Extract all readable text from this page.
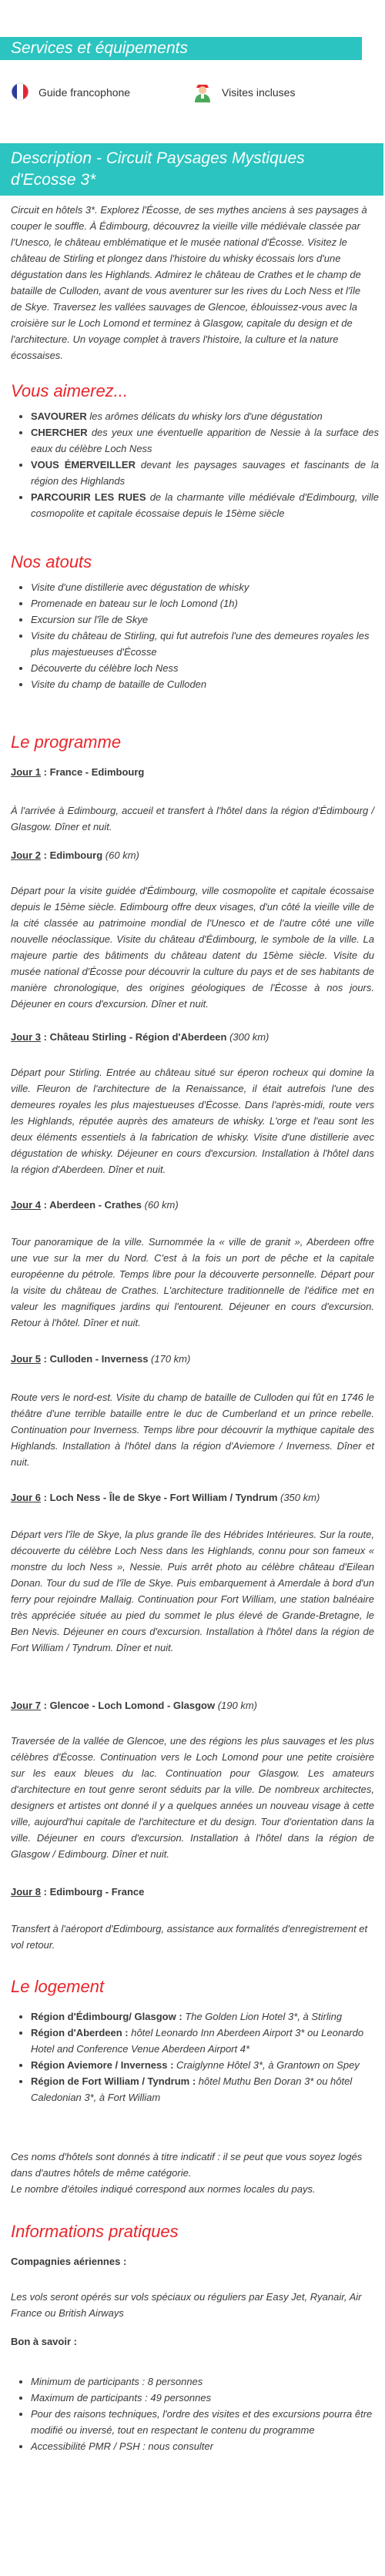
Services et équipements
Guide francophone	Visites incluses
Description - Circuit Paysages Mystiques d'Ecosse 3*

Circuit en hôtels 3*. Explorez l'Écosse, de ses mythes anciens à ses paysages à couper le souffle. À Édimbourg, découvrez la vieille ville médiévale classée par l'Unesco, le château emblématique et le musée national d'Écosse. Visitez le château de Stirling et plongez dans l'histoire du whisky écossais lors d'une dégustation dans les Highlands. Admirez le château de Crathes et le champ de bataille de Culloden, avant de vous aventurer sur les rives du Loch Ness et l'île de Skye. Traversez les vallées sauvages de Glencoe, éblouissez-vous avec la croisière sur le Loch Lomond et terminez à Glasgow, capitale du design et de l'architecture. Un voyage complet à travers l'histoire, la culture et la nature écossaises.

Vous aimerez...
• SAVOURER les arômes délicats du whisky lors d'une dégustation
• CHERCHER des yeux une éventuelle apparition de Nessie à la surface des eaux du célèbre Loch Ness
• VOUS ÉMERVEILLER devant les paysages sauvages et fascinants de la région des Highlands
• PARCOURIR LES RUES de la charmante ville médiévale d'Edimbourg, ville cosmopolite et capitale écossaise depuis le 15ème siècle
Nos atouts
• Visite d'une distillerie avec dégustation de whisky
• Promenade en bateau sur le loch Lomond (1h)
• Excursion sur l'île de Skye
• Visite du château de Stirling, qui fut autrefois l'une des demeures royales les plus majestueuses d'Écosse
• Découverte du célèbre loch Ness
• Visite du champ de bataille de Culloden
Le programme
Jour 1 : France - Edimbourg

À l'arrivée à Edimbourg, accueil et transfert à l'hôtel dans la région d'Édimbourg / Glasgow. Dîner et nuit.

Jour 2 : Edimbourg (60 km)

Départ pour la visite guidée d'Édimbourg, ville cosmopolite et capitale écossaise depuis le 15ème siècle. Edimbourg offre deux visages, d'un côté la vieille ville de la cité classée au patrimoine mondial de l'Unesco et de l'autre côté une ville nouvelle néoclassique. Visite du château d'Édimbourg, le symbole de la ville. La majeure partie des bâtiments du château datent du 15ème siècle. Visite du musée national d'Écosse pour découvrir la culture du pays et de ses habitants de manière chronologique, des origines géologiques de l'Écosse à nos jours. Déjeuner en cours d'excursion. Dîner et nuit.

Jour 3 : Château Stirling - Région d'Aberdeen (300 km)

Départ pour Stirling. Entrée au château situé sur éperon rocheux qui domine la ville. Fleuron de l'architecture de la Renaissance, il était autrefois l'une des demeures royales les plus majestueuses d'Écosse. Dans l'après-midi, route vers les Highlands, réputée auprès des amateurs de whisky. L'orge et l'eau sont les deux éléments essentiels à la fabrication de whisky. Visite d'une distillerie avec dégustation de whisky. Déjeuner en cours d'excursion. Installation à l'hôtel dans la région d'Aberdeen. Dîner et nuit.

Jour 4 : Aberdeen - Crathes (60 km)

Tour panoramique de la ville. Surnommée la « ville de granit », Aberdeen offre une vue sur la mer du Nord. C'est à la fois un port de pêche et la capitale européenne du pétrole. Temps libre pour la découverte personnelle. Départ pour la visite du château de Crathes. L'architecture traditionnelle de l'édifice met en valeur les magnifiques jardins qui l'entourent. Déjeuner en cours d'excursion. Retour à l'hôtel. Dîner et nuit.

Jour 5 : Culloden - Inverness (170 km)

Route vers le nord-est. Visite du champ de bataille de Culloden qui fût en 1746 le théâtre d'une terrible bataille entre le duc de Cumberland et un prince rebelle. Continuation pour Inverness. Temps libre pour découvrir la mythique capitale des Highlands. Installation à l'hôtel dans la région d'Aviemore / Inverness. Dîner et nuit.

Jour 6 : Loch Ness - Île de Skye - Fort William / Tyndrum (350 km)

Départ vers l'île de Skye, la plus grande île des Hébrides Intérieures. Sur la route, découverte du célèbre Loch Ness dans les Highlands, connu pour son fameux « monstre du loch Ness », Nessie. Puis arrêt photo au célèbre château d'Eilean Donan. Tour du sud de l'île de Skye. Puis embarquement à Amerdale à bord d'un ferry pour rejoindre Mallaig. Continuation pour Fort William, une station balnéaire très appréciée située au pied du sommet le plus élevé de Grande-Bretagne, le Ben Nevis. Déjeuner en cours d'excursion. Installation à l'hôtel dans la région de Fort William / Tyndrum. Dîner et nuit.

Jour 7 : Glencoe - Loch Lomond - Glasgow (190 km)

Traversée de la vallée de Glencoe, une des régions les plus sauvages et les plus célèbres d'Écosse. Continuation vers le Loch Lomond pour une petite croisière sur les eaux bleues du lac. Continuation pour Glasgow. Les amateurs d'architecture en tout genre seront séduits par la ville. De nombreux architectes, designers et artistes ont donné il y a quelques années un nouveau visage à cette ville, aujourd'hui capitale de l'architecture et du design. Tour d'orientation dans la ville. Déjeuner en cours d'excursion. Installation à l'hôtel dans la région de Glasgow / Edimbourg. Dîner et nuit.

Jour 8 : Edimbourg - France

Transfert à l'aéroport d'Edimbourg, assistance aux formalités d'enregistrement et vol retour.

Le logement
• Région d'Édimbourg/ Glasgow : The Golden Lion Hotel 3*, à Stirling
• Région d'Aberdeen : hôtel Leonardo Inn Aberdeen Airport 3* ou Leonardo Hotel and Conference Venue Aberdeen Airport 4*
• Région Aviemore / Inverness : Craiglynne Hôtel 3*, à Grantown on Spey
• Région de Fort William / Tyndrum : hôtel Muthu Ben Doran 3* ou hôtel Caledonian 3*, à Fort William

Ces noms d'hôtels sont donnés à titre indicatif : il se peut que vous soyez logés dans d'autres hôtels de même catégorie.

Le nombre d'étoiles indiqué correspond aux normes locales du pays.

Informations pratiques

Compagnies aériennes :

Les vols seront opérés sur vols spéciaux ou réguliers par Easy Jet, Ryanair, Air France ou British Airways

Bon à savoir :

• Minimum de participants : 8 personnes
• Maximum de participants : 49 personnes
• Pour des raisons techniques, l'ordre des visites et des excursions pourra être modifié ou inversé, tout en respectant le contenu du programme
• Accessibilité PMR / PSH : nous consulter
